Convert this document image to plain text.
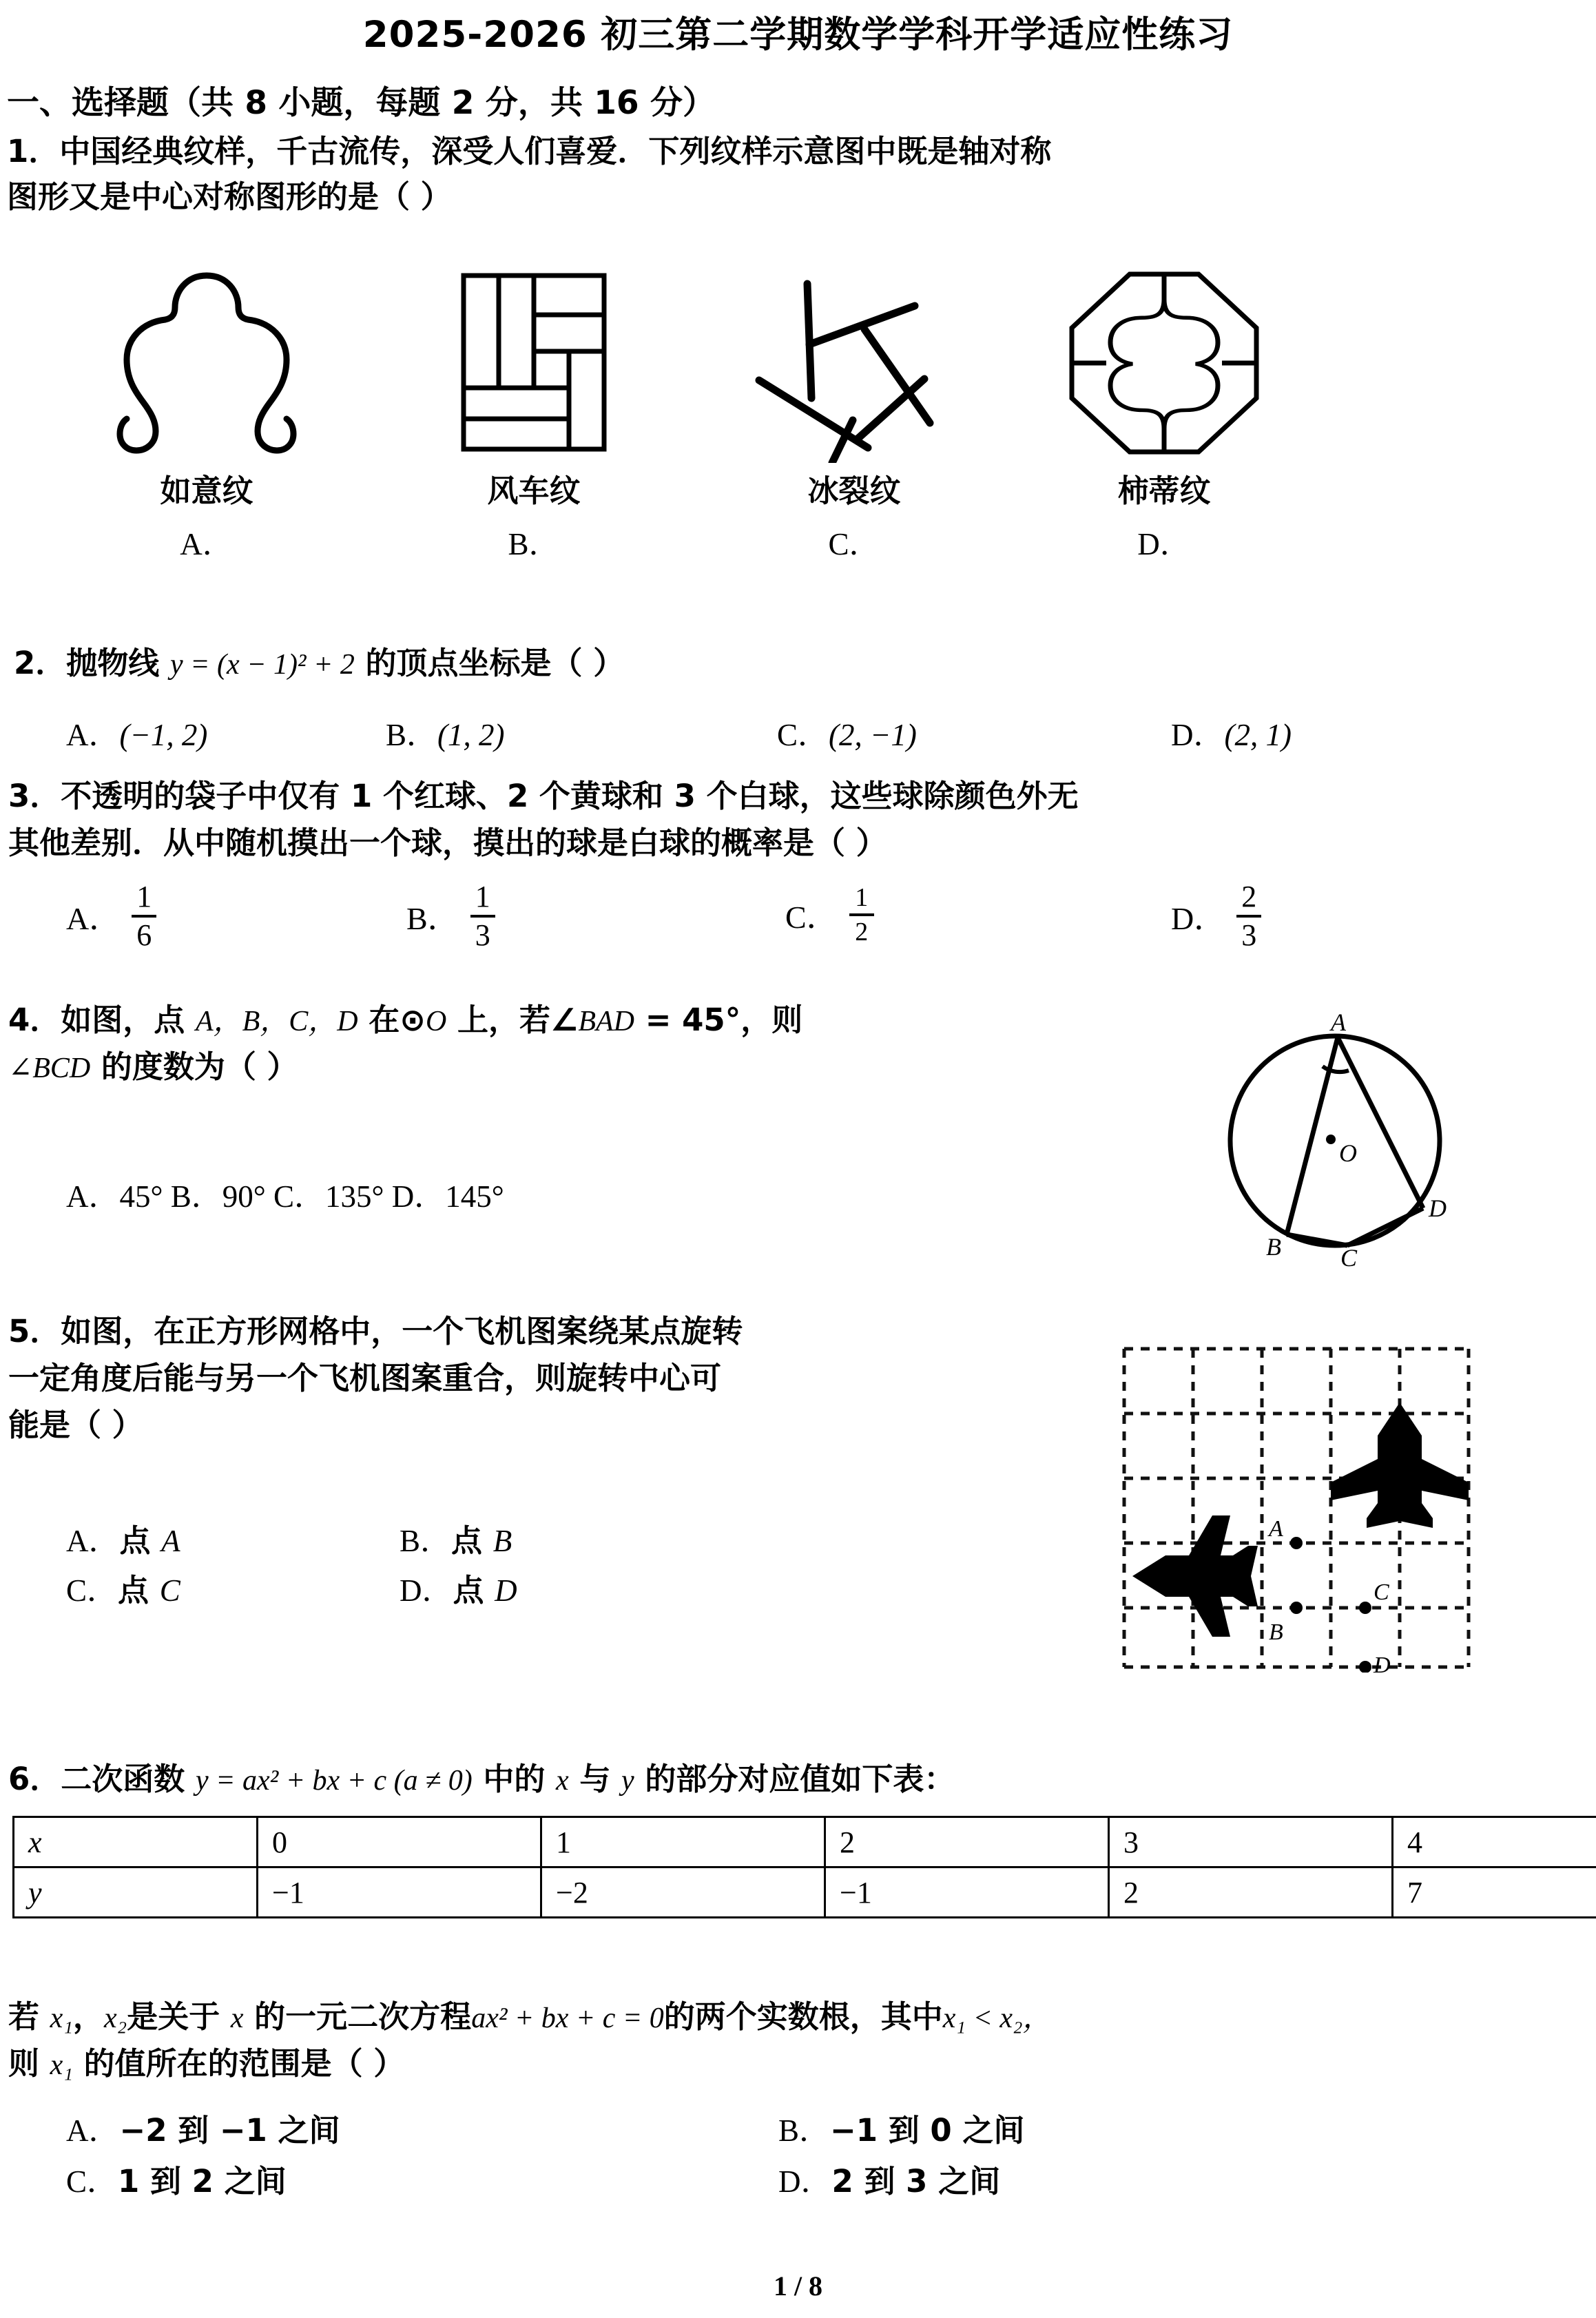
2025-2026 初三第二学期数学学科开学适应性练习
一、选择题（共 8 小题，每题 2 分，共 16 分）
1．中国经典纹样，千古流传，深受人们喜爱．下列纹样示意图中既是轴对称
图形又是中心对称图形的是（ ）
如意纹
A．
风车纹
B．
冰裂纹
C．
柿蒂纹
D．
2．抛物线 y = (x − 1)² + 2 的顶点坐标是（ ）
A．(−1, 2)	B．(1, 2)	C．(2, −1)	D．(2, 1)
3．不透明的袋子中仅有 1 个红球、2 个黄球和 3 个白球，这些球除颜色外无
其他差别．从中随机摸出一个球，摸出的球是白球的概率是（ ）
A． $\frac{1}{6}$	B． $\frac{1}{3}$	C． $\frac{1}{2}$	D． $\frac{2}{3}$
4．如图，点 A，B，C，D 在⊙O 上，若∠BAD = 45°，则
∠BCD 的度数为（ ）
A．45° B．90° C．135° D．145°
A
O
B C
D
5．如图，在正方形网格中，一个飞机图案绕某点旋转
一定角度后能与另一个飞机图案重合，则旋转中心可
能是（ ）
A．点 A	B．点 B
C．点 C	D．点 D
A
B
C
D
6．二次函数 y = ax² + bx + c (a ≠ 0) 中的 x 与 y 的部分对应值如下表：
x	0	1	2	3	4
y	−1	−2	−1	2	7
若 x₁，x₂是关于 x 的一元二次方程ax² + bx + c = 0的两个实数根，其中x₁ < x₂，
则 x₁ 的值所在的范围是（ ）
A．−2 到 −1 之间	B．−1 到 0 之间
C．1 到 2 之间	D．2 到 3 之间
1 / 8
